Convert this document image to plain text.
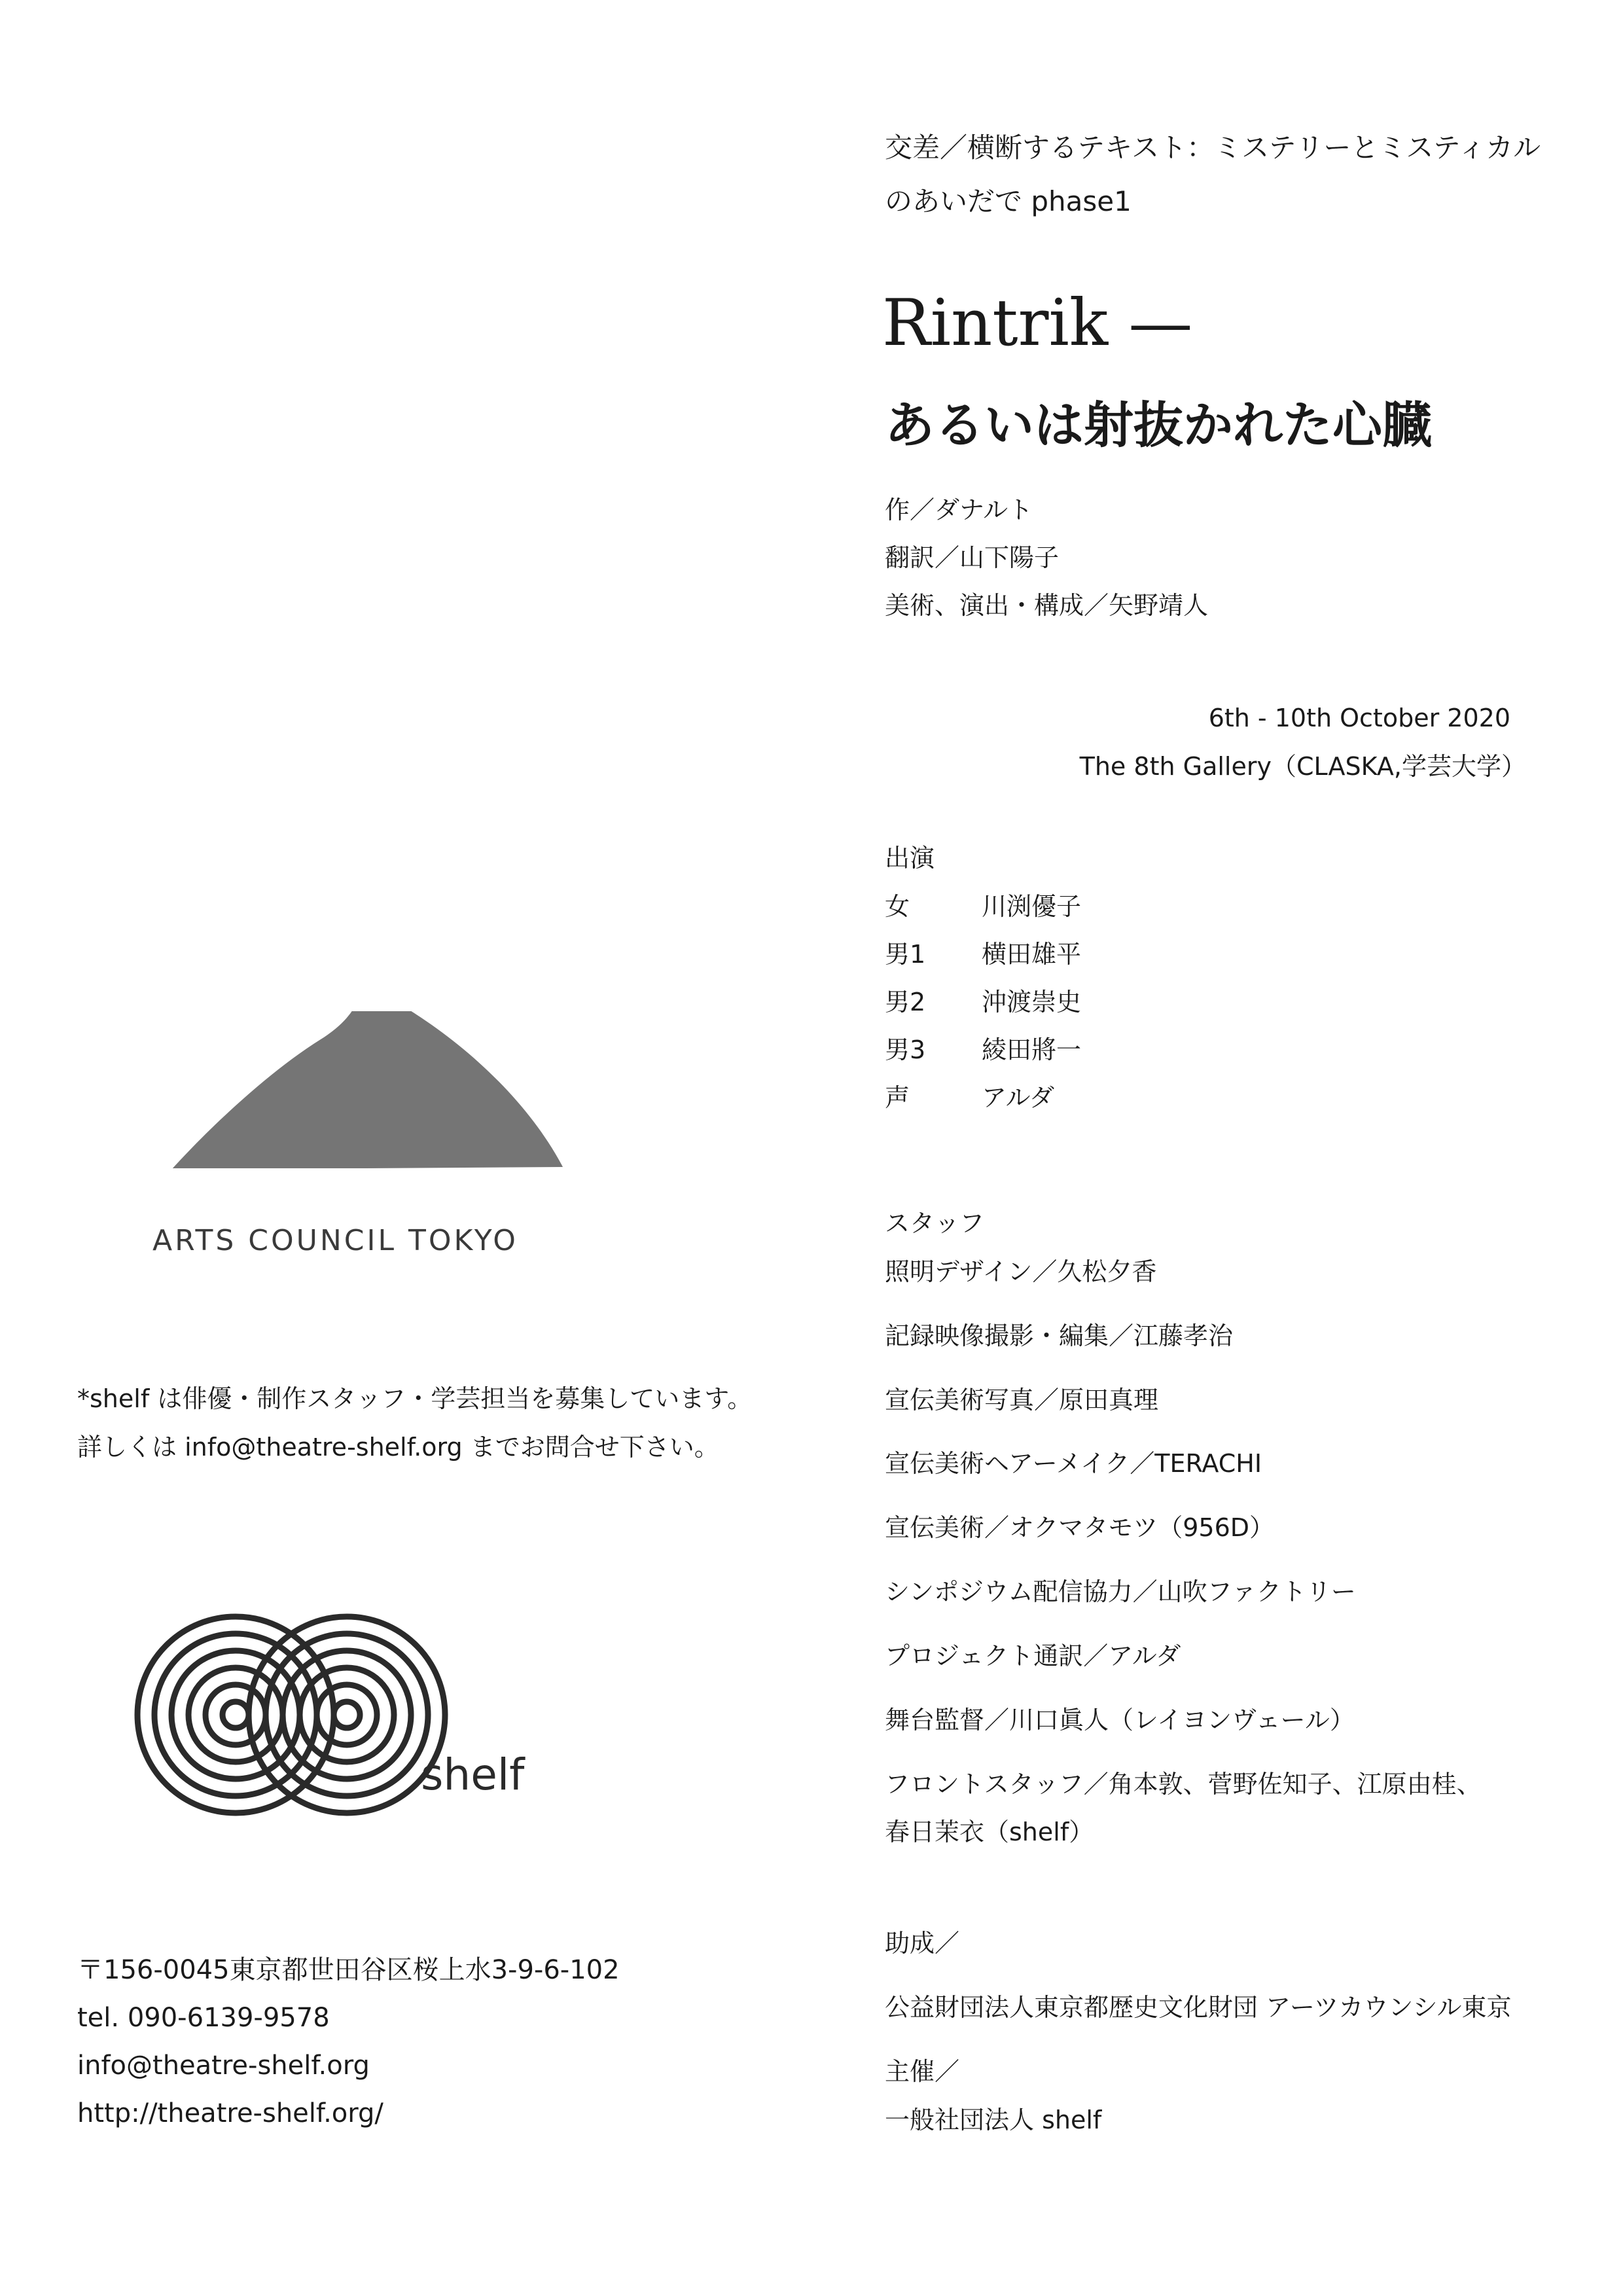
交差／横断するテキスト：ミステリーとミスティカル
のあいだで phase1
Rintrik —
あるいは射抜かれた心臓
作／ダナルト
翻訳／山下陽子
美術、演出・構成／矢野靖人
6th - 10th October 2020
The 8th Gallery（CLASKA,学芸大学）
出演
女	川渕優子
男1 横田雄平
男2 沖渡崇史
男3 綾田將一
声	アルダ
スタッフ
照明デザイン／久松夕香
記録映像撮影・編集／江藤孝治
宣伝美術写真／原田真理
宣伝美術ヘアーメイク／TERACHI
宣伝美術／オクマタモツ（956D）
シンポジウム配信協力／山吹ファクトリー
プロジェクト通訳／アルダ
舞台監督／川口眞人（レイヨンヴェール）
フロントスタッフ／角本敦、菅野佐知子、江原由桂、
春日茉衣（shelf）
助成／
公益財団法人東京都歴史文化財団 アーツカウンシル東京
主催／
一般社団法人 shelf
ARTS COUNCIL TOKYO
*shelf は俳優・制作スタッフ・学芸担当を募集しています。
詳しくは info@theatre-shelf.org までお問合せ下さい。
shelf
〒156-0045東京都世田谷区桜上水3-9-6-102
tel. 090-6139-9578
info@theatre-shelf.org
http://theatre-shelf.org/
